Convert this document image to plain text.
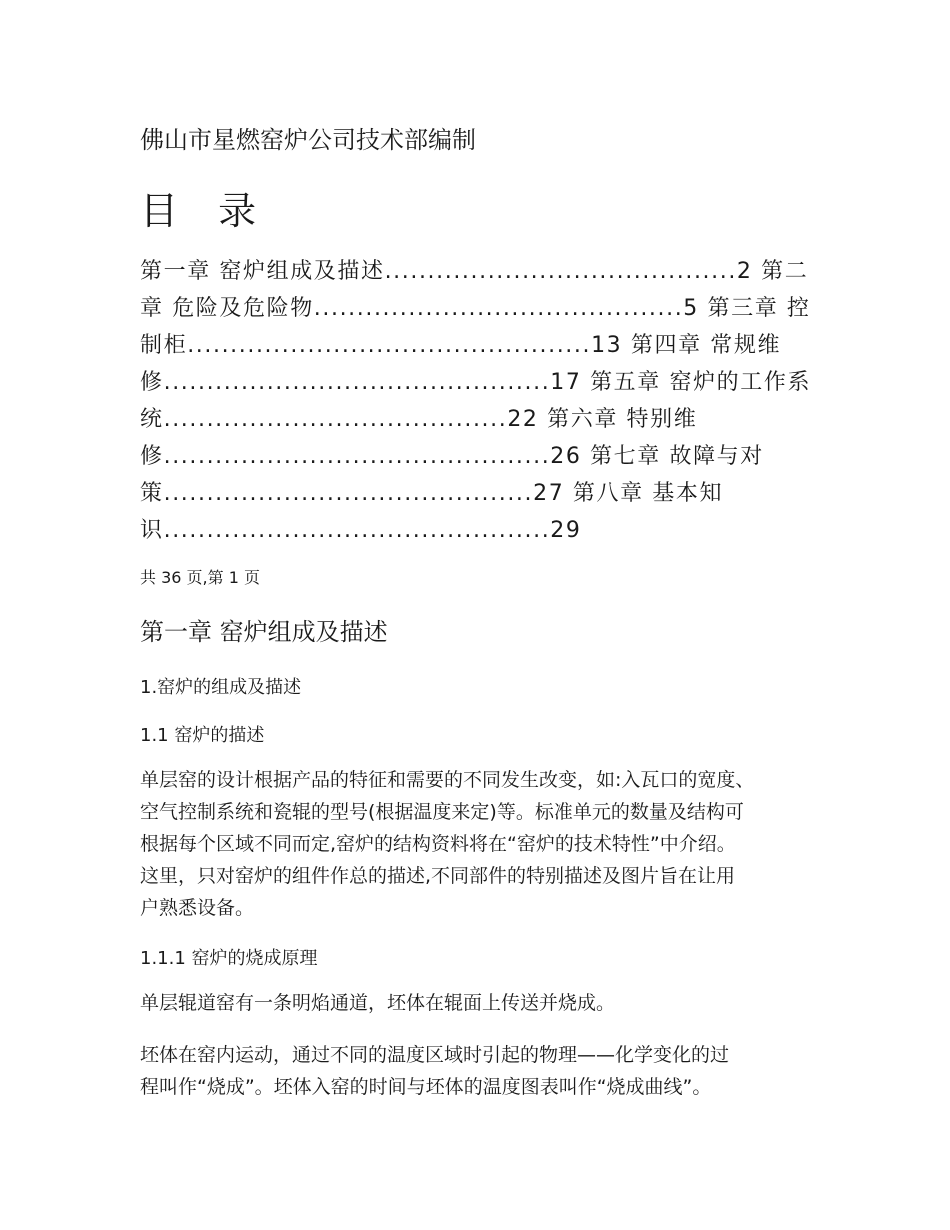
佛山市星燃窑炉公司技术部编制
目 录
第一章 窑炉组成及描述.........................................2 第二
章 危险及危险物...........................................5 第三章 控
制柜...............................................13 第四章 常规维
修.............................................17 第五章 窑炉的工作系
统........................................22 第六章 特别维
修.............................................26 第七章 故障与对
策...........................................27 第八章 基本知
识.............................................29
共 36 页,第 1 页
第一章 窑炉组成及描述
1.窑炉的组成及描述
1.1 窑炉的描述
单层窑的设计根据产品的特征和需要的不同发生改变，如:入瓦口的宽度、
空气控制系统和瓷辊的型号(根据温度来定)等。标准单元的数量及结构可
根据每个区域不同而定,窑炉的结构资料将在“窑炉的技术特性”中介绍。
这里，只对窑炉的组件作总的描述,不同部件的特别描述及图片旨在让用
户熟悉设备。
1.1.1 窑炉的烧成原理
单层辊道窑有一条明焰通道，坯体在辊面上传送并烧成。
坯体在窑内运动，通过不同的温度区域时引起的物理——化学变化的过
程叫作“烧成”。坯体入窑的时间与坯体的温度图表叫作“烧成曲线”。
